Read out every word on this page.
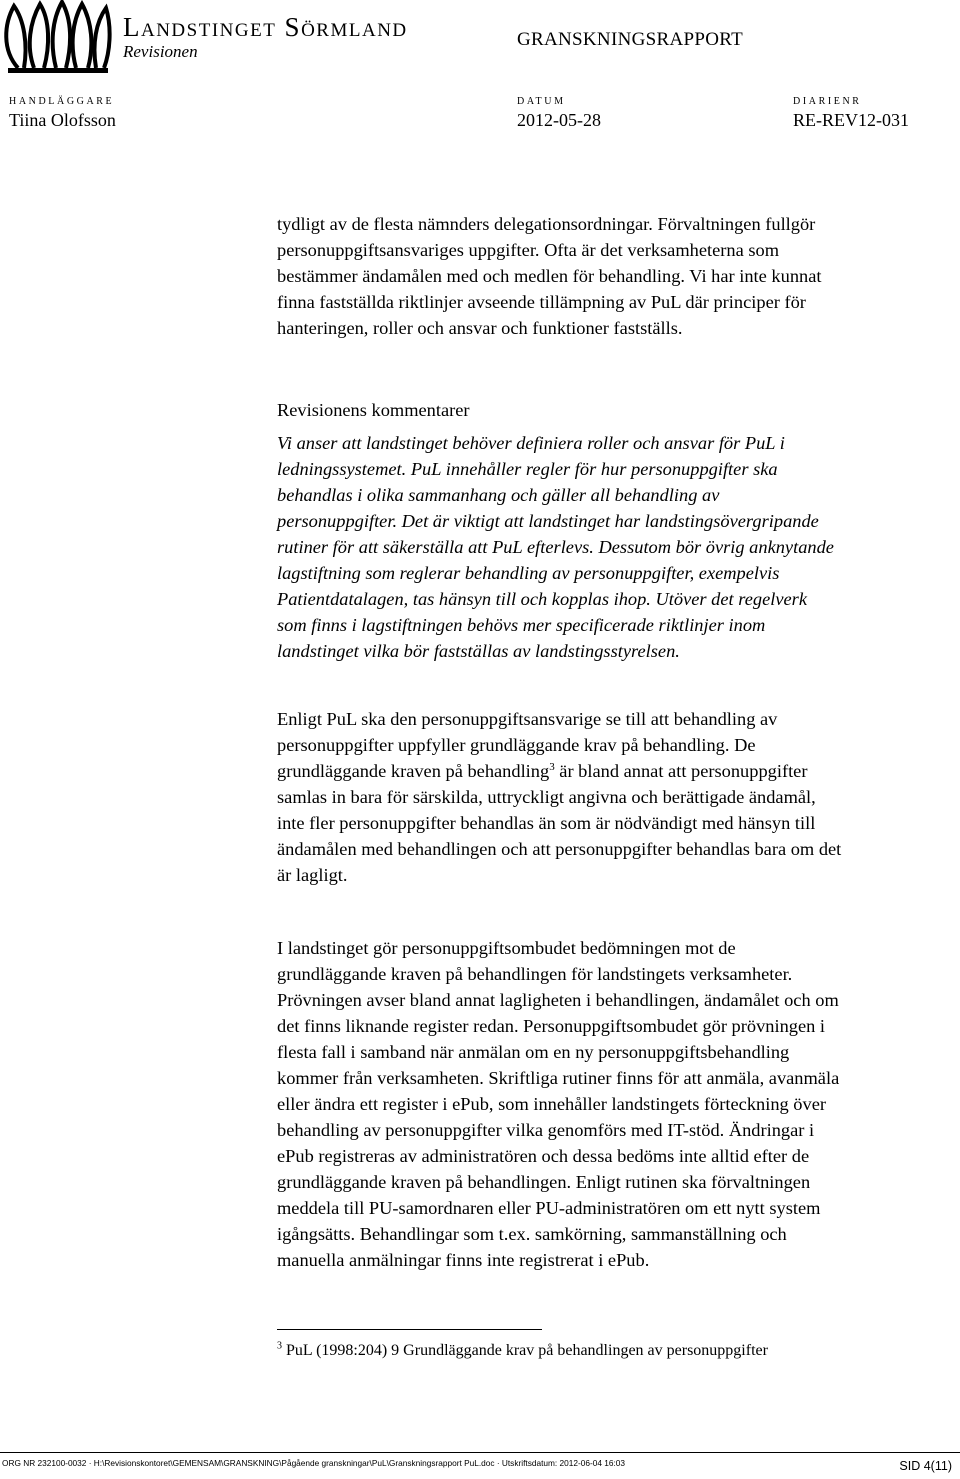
Landstinget Sörmland
Revisionen
GRANSKNINGSRAPPORT
HANDLÄGGARE
Tiina Olofsson
DATUM
2012-05-28
DIARIENR
RE-REV12-031
tydligt av de flesta nämnders delegationsordningar. Förvaltningen fullgör
personuppgiftsansvariges uppgifter. Ofta är det verksamheterna som
bestämmer ändamålen med och medlen för behandling. Vi har inte kunnat
finna fastställda riktlinjer avseende tillämpning av PuL där principer för
hanteringen, roller och ansvar och funktioner fastställs.
Revisionens kommentarer
Vi anser att landstinget behöver definiera roller och ansvar för PuL i
ledningssystemet. PuL innehåller regler för hur personuppgifter ska
behandlas i olika sammanhang och gäller all behandling av
personuppgifter. Det är viktigt att landstinget har landstingsövergripande
rutiner för att säkerställa att PuL efterlevs. Dessutom bör övrig anknytande
lagstiftning som reglerar behandling av personuppgifter, exempelvis
Patientdatalagen, tas hänsyn till och kopplas ihop. Utöver det regelverk
som finns i lagstiftningen behövs mer specificerade riktlinjer inom
landstinget vilka bör fastställas av landstingsstyrelsen.
Enligt PuL ska den personuppgiftsansvarige se till att behandling av
personuppgifter uppfyller grundläggande krav på behandling. De
grundläggande kraven på behandling$^3$ är bland annat att personuppgifter
samlas in bara för särskilda, uttryckligt angivna och berättigade ändamål,
inte fler personuppgifter behandlas än som är nödvändigt med hänsyn till
ändamålen med behandlingen och att personuppgifter behandlas bara om det
är lagligt.
I landstinget gör personuppgiftsombudet bedömningen mot de
grundläggande kraven på behandlingen för landstingets verksamheter.
Prövningen avser bland annat lagligheten i behandlingen, ändamålet och om
det finns liknande register redan. Personuppgiftsombudet gör prövningen i
flesta fall i samband när anmälan om en ny personuppgiftsbehandling
kommer från verksamheten. Skriftliga rutiner finns för att anmäla, avanmäla
eller ändra ett register i ePub, som innehåller landstingets förteckning över
behandling av personuppgifter vilka genomförs med IT-stöd. Ändringar i
ePub registreras av administratören och dessa bedöms inte alltid efter de
grundläggande kraven på behandlingen. Enligt rutinen ska förvaltningen
meddela till PU-samordnaren eller PU-administratören om ett nytt system
igångsätts. Behandlingar som t.ex. samkörning, sammanställning och
manuella anmälningar finns inte registrerat i ePub.
$^3$ PuL (1998:204) 9 Grundläggande krav på behandlingen av personuppgifter
ORG NR 232100-0032 · H:\Revisionskontoret\GEMENSAM\GRANSKNING\Pågående granskningar\PuL\Granskningsrapport PuL.doc · Utskriftsdatum: 2012-06-04 16:03	SID 4(11)
